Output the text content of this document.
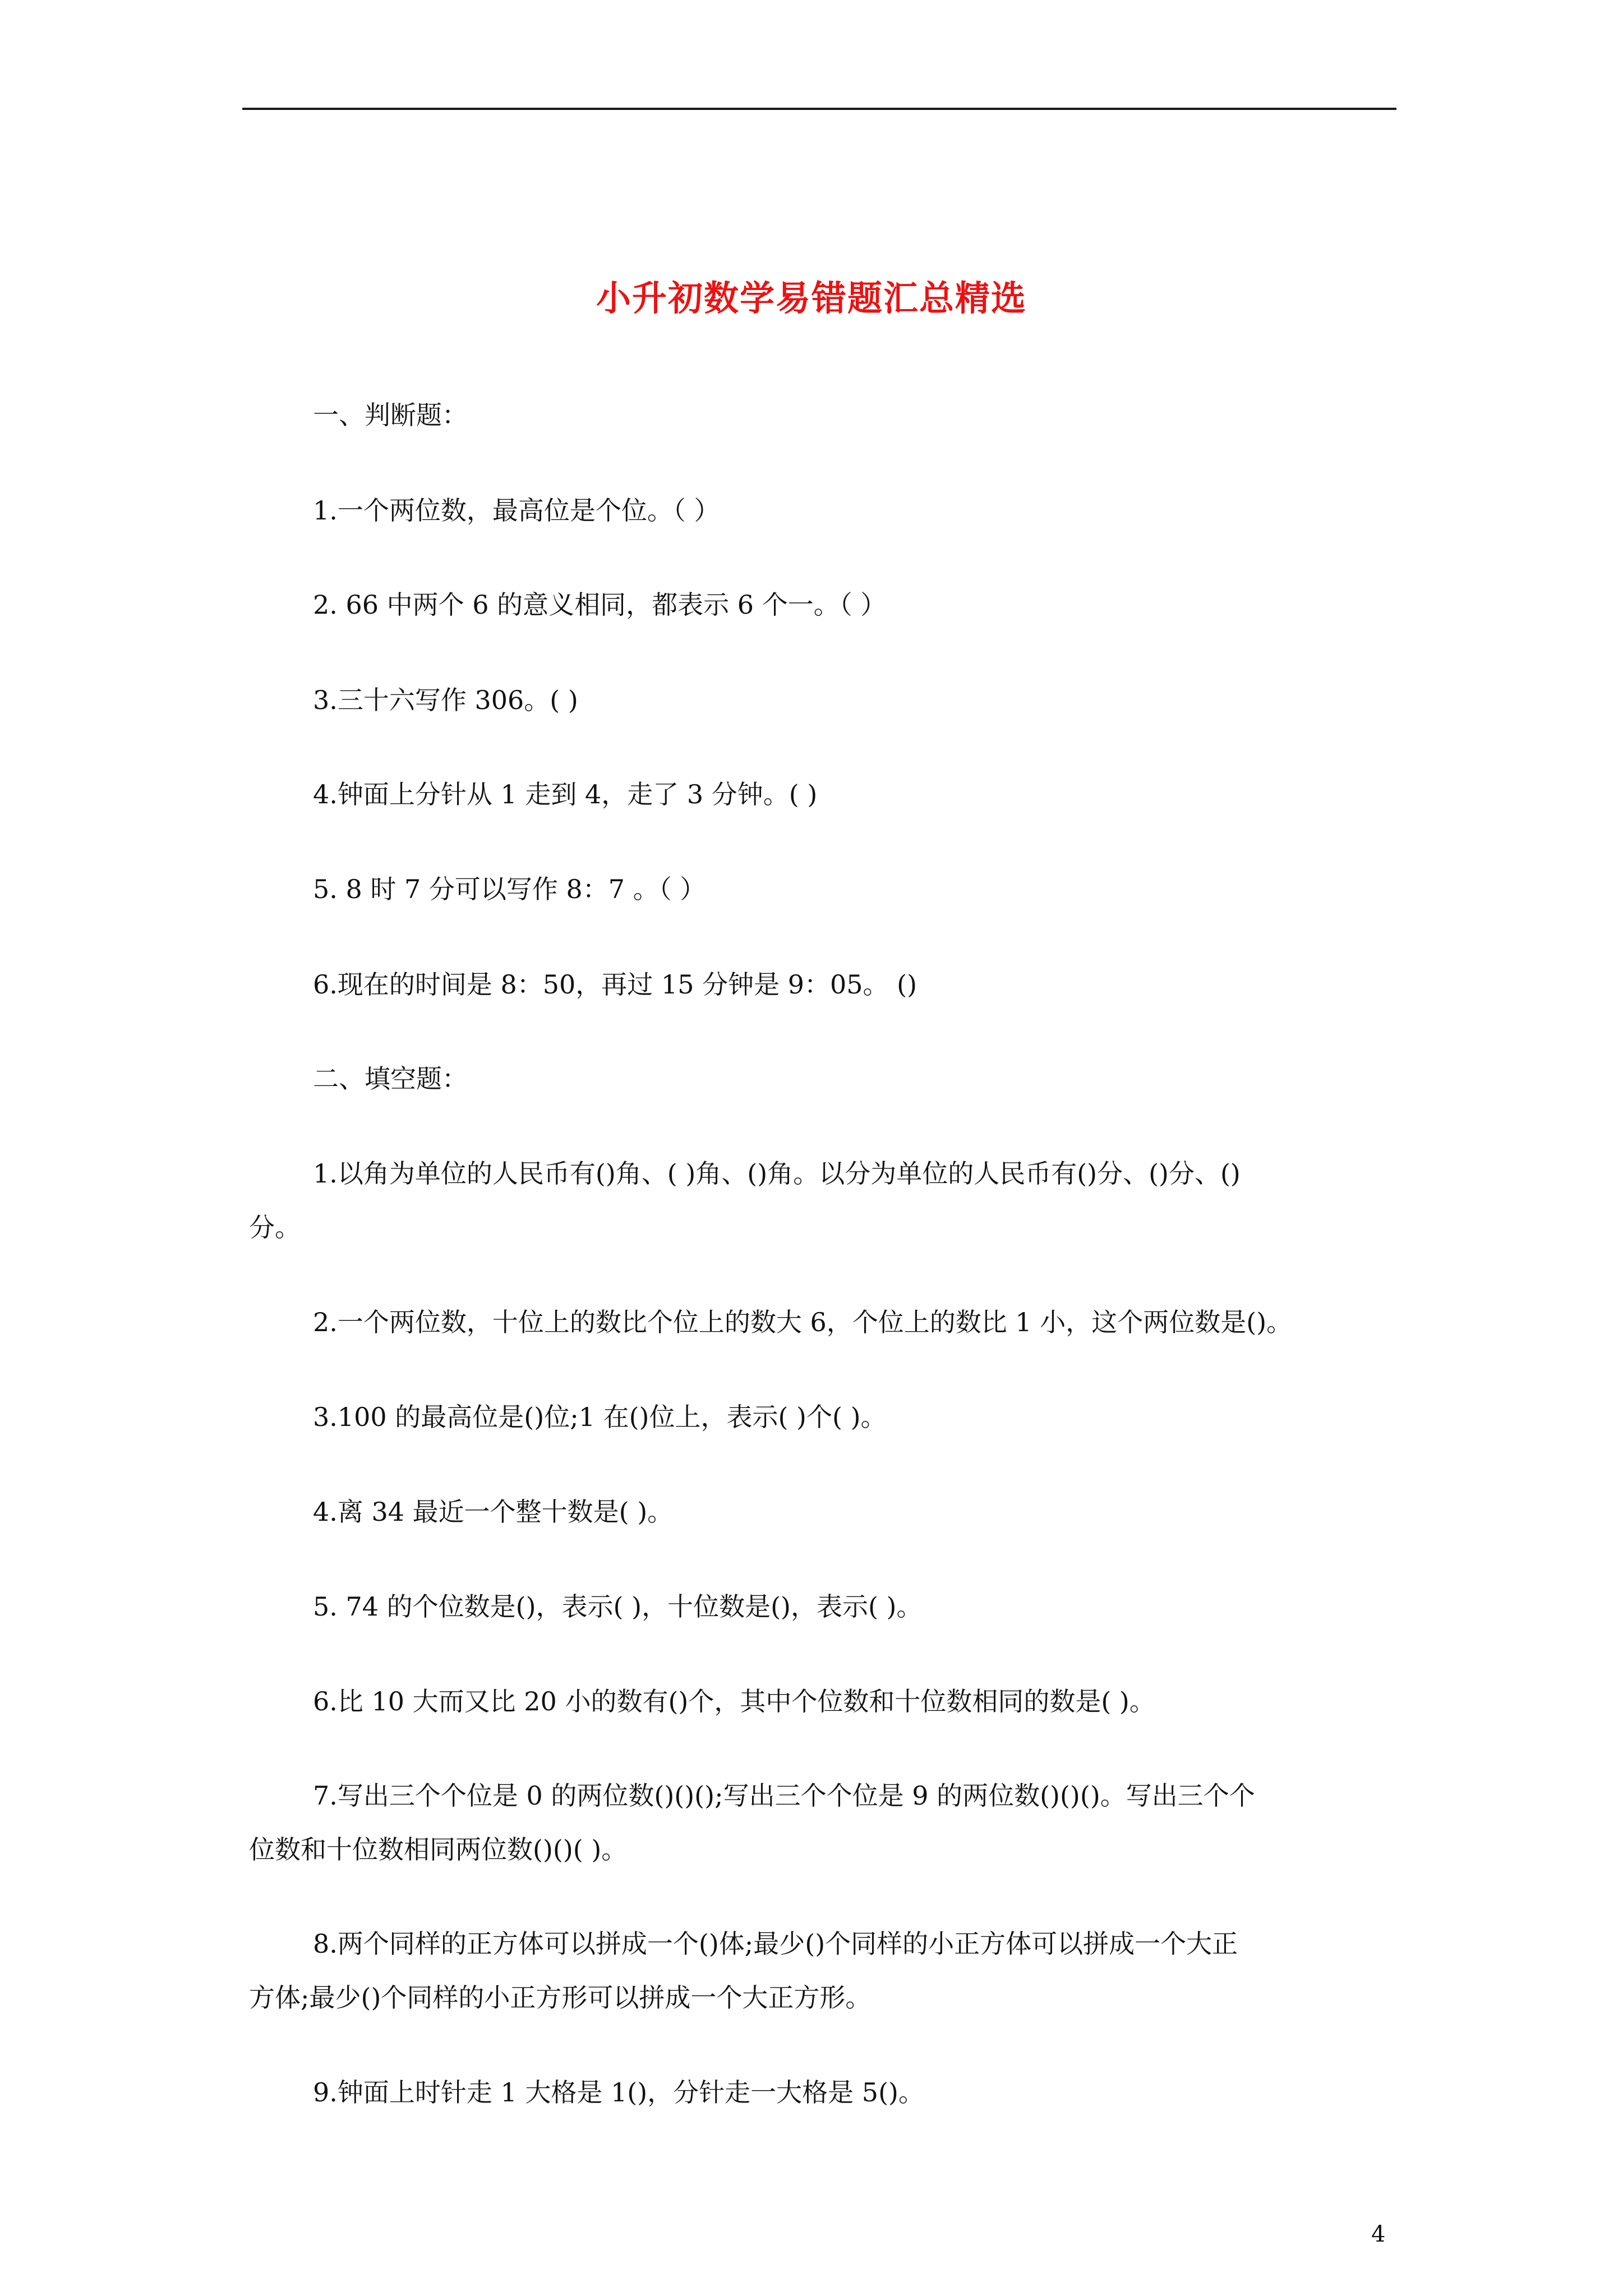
小升初数学易错题汇总精选
一、判断题：
1.一个两位数，最高位是个位。（ ）
2. 66 中两个 6 的意义相同，都表示 6 个一。（ ）
3.三十六写作 306。( )
4.钟面上分针从 1 走到 4，走了 3 分钟。( )
5. 8 时 7 分可以写作 8：7 。（ ）
6.现在的时间是 8：50，再过 15 分钟是 9：05。 ()
二、填空题：
1.以角为单位的人民币有()角、( )角、()角。以分为单位的人民币有()分、()分、()
分。
2.一个两位数，十位上的数比个位上的数大 6，个位上的数比 1 小，这个两位数是()。
3.100 的最高位是()位;1 在()位上，表示( )个( )。
4.离 34 最近一个整十数是( )。
5. 74 的个位数是()，表示( )，十位数是()，表示( )。
6.比 10 大而又比 20 小的数有()个，其中个位数和十位数相同的数是( )。
7.写出三个个位是 0 的两位数()()();写出三个个位是 9 的两位数()()()。写出三个个
位数和十位数相同两位数()()( )。
8.两个同样的正方体可以拼成一个()体;最少()个同样的小正方体可以拼成一个大正
方体;最少()个同样的小正方形可以拼成一个大正方形。
9.钟面上时针走 1 大格是 1()，分针走一大格是 5()。
4
